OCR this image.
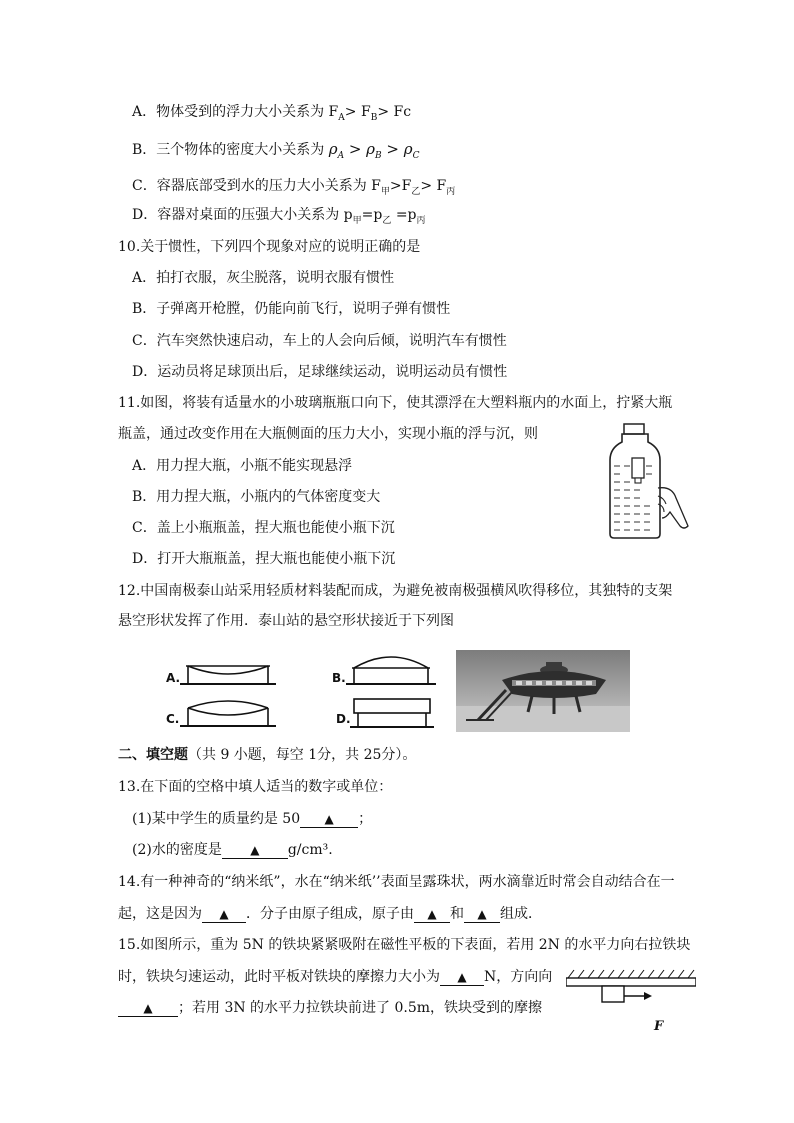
A．物体受到的浮力大小关系为 $F_A> F_B> Fc$
B．三个物体的密度大小关系为 $\rho_A > \rho_B > \rho_C$
C．容器底部受到水的压力大小关系为 $F_甲>F_乙> F_丙$
D．容器对桌面的压强大小关系为 $p_甲=p_乙 =p_丙$
10.关于惯性，下列四个现象对应的说明正确的是
A．拍打衣服，灰尘脱落，说明衣服有惯性
B．子弹离开枪膛，仍能向前飞行，说明子弹有惯性
C．汽车突然快速启动，车上的人会向后倾，说明汽车有惯性
D．运动员将足球顶出后，足球继续运动，说明运动员有惯性
11.如图，将装有适量水的小玻璃瓶瓶口向下，使其漂浮在大塑料瓶内的水面上，拧紧大瓶
瓶盖，通过改变作用在大瓶侧面的压力大小，实现小瓶的浮与沉，则
A．用力捏大瓶，小瓶不能实现悬浮
B．用力捏大瓶，小瓶内的气体密度变大
C．盖上小瓶瓶盖，捏大瓶也能使小瓶下沉
D．打开大瓶瓶盖，捏大瓶也能使小瓶下沉
12.中国南极泰山站采用轻质材料装配而成，为避免被南极强横风吹得移位，其独特的支架
悬空形状发挥了作用．泰山站的悬空形状接近于下列图
A.	B.
C.	D.
二、填空题（共 9 小题，每空 1分，共 25分）。
13.在下面的空格中填人适当的数字或单位：
(1)某中学生的质量约是 50 ▲ ；
(2)水的密度是 ▲ g/cm³.
14.有一种神奇的“纳米纸”，水在“纳米纸’’表面呈露珠状，两水滴靠近时常会自动结合在一
起，这是因为 ▲ ．分子由原子组成，原子由 ▲ 和 ▲ 组成．
15.如图所示，重为 5N 的铁块紧紧吸附在磁性平板的下表面，若用 2N 的水平力向右拉铁块
时，铁块匀速运动，此时平板对铁块的摩擦力大小为 ▲ N，方向向
▲ ；若用 3N 的水平力拉铁块前进了 0.5m，铁块受到的摩擦
F
